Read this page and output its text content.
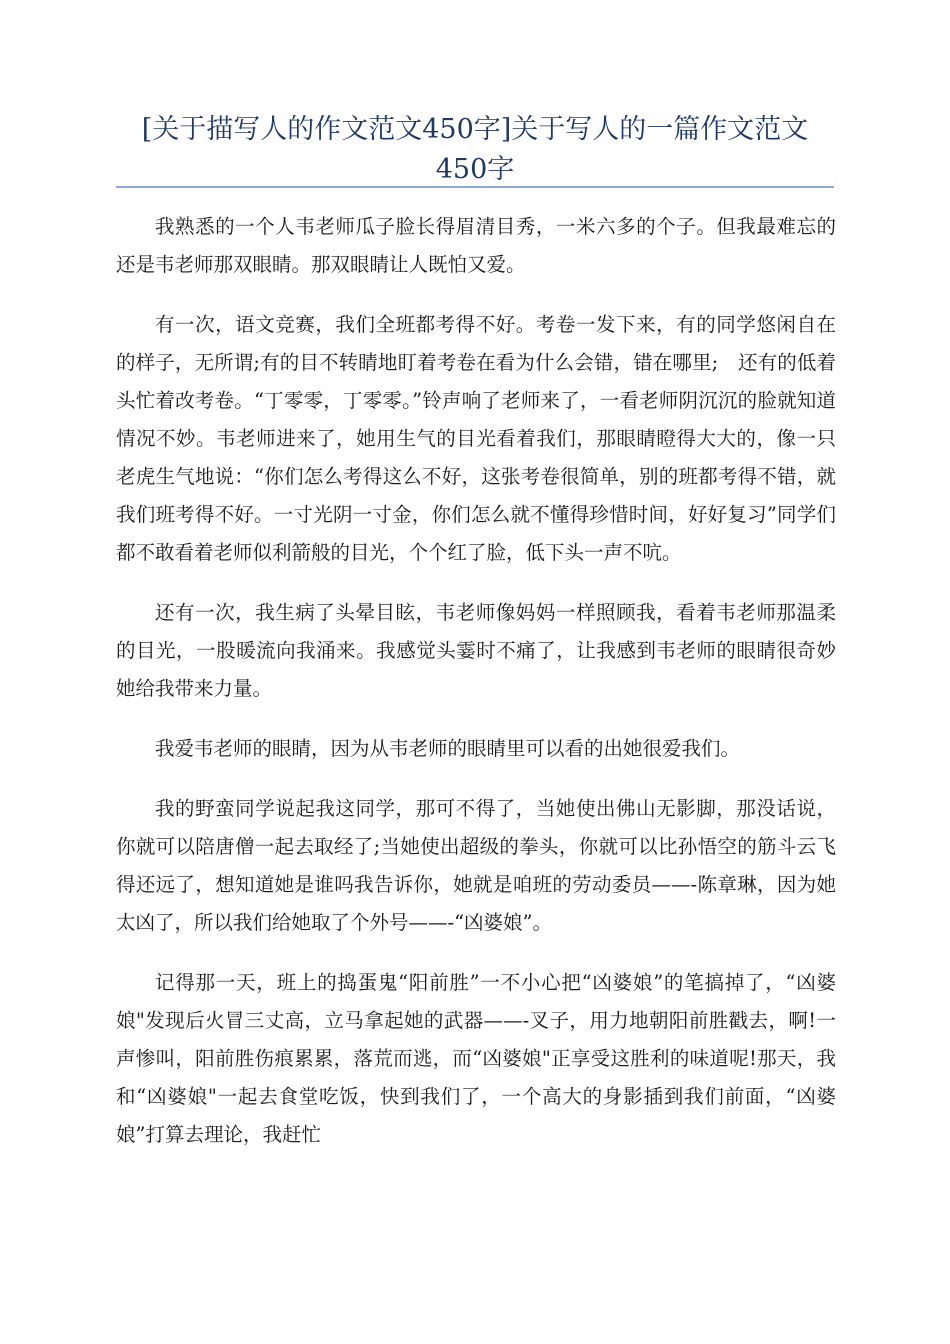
[关于描写人的作文范文450字]关于写人的一篇作文范文450字

我熟悉的一个人韦老师瓜子脸长得眉清目秀，一米六多的个子。但我最难忘的还是韦老师那双眼睛。那双眼睛让人既怕又爱。

有一次，语文竞赛，我们全班都考得不好。考卷一发下来，有的同学悠闲自在的样子，无所谓;有的目不转睛地盯着考卷在看为什么会错，错在哪里;　还有的低着头忙着改考卷。“丁零零，丁零零。”铃声响了老师来了，一看老师阴沉沉的脸就知道情况不妙。韦老师进来了，她用生气的目光看着我们，那眼睛瞪得大大的，像一只老虎生气地说：“你们怎么考得这么不好，这张考卷很简单，别的班都考得不错，就我们班考得不好。一寸光阴一寸金，你们怎么就不懂得珍惜时间，好好复习”同学们都不敢看着老师似利箭般的目光，个个红了脸，低下头一声不吭。

还有一次，我生病了头晕目眩，韦老师像妈妈一样照顾我，看着韦老师那温柔的目光，一股暖流向我涌来。我感觉头霎时不痛了，让我感到韦老师的眼睛很奇妙她给我带来力量。

我爱韦老师的眼睛，因为从韦老师的眼睛里可以看的出她很爱我们。

我的野蛮同学说起我这同学，那可不得了，当她使出佛山无影脚，那没话说，你就可以陪唐僧一起去取经了;当她使出超级的拳头，你就可以比孙悟空的筋斗云飞得还远了，想知道她是谁吗我告诉你，她就是咱班的劳动委员——-陈章琳，因为她太凶了，所以我们给她取了个外号——-“凶婆娘”。

记得那一天，班上的捣蛋鬼“阳前胜”一不小心把“凶婆娘”的笔搞掉了，“凶婆娘"发现后火冒三丈高，立马拿起她的武器——-叉子，用力地朝阳前胜戳去，啊!一声惨叫，阳前胜伤痕累累，落荒而逃，而“凶婆娘"正享受这胜利的味道呢!那天，我和“凶婆娘"一起去食堂吃饭，快到我们了，一个高大的身影插到我们前面，“凶婆娘”打算去理论，我赶忙
